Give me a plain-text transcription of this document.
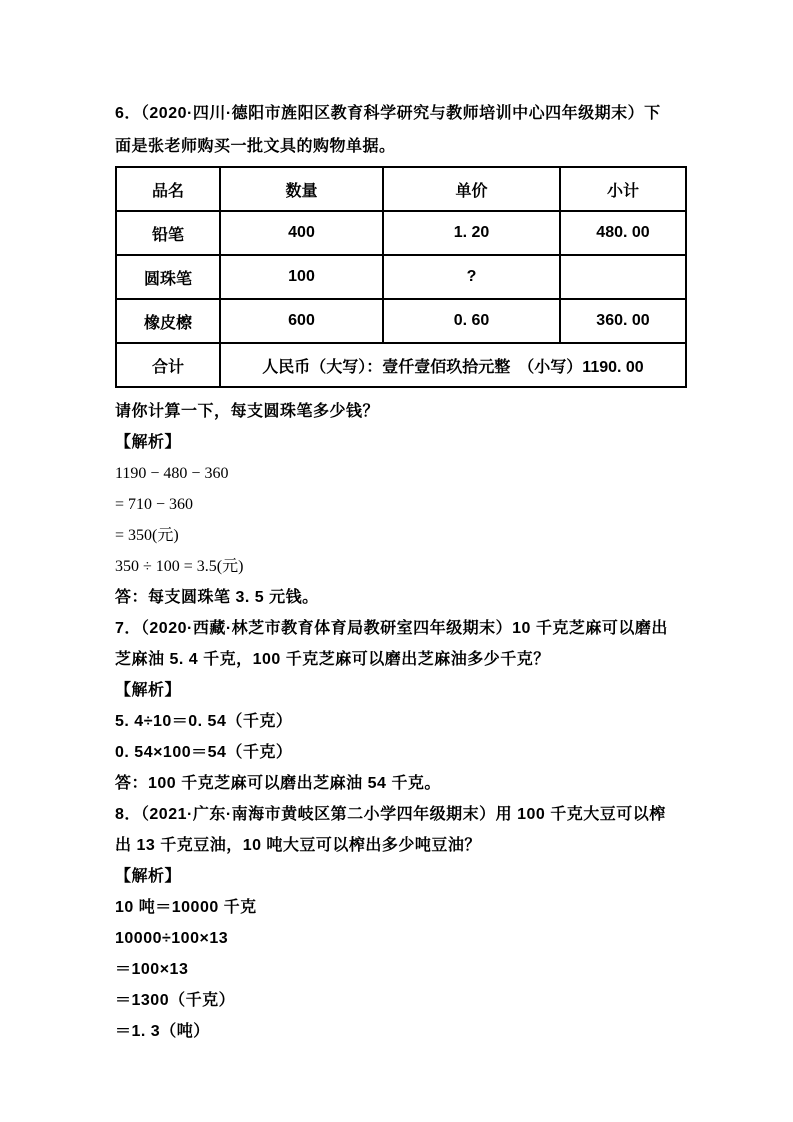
6．（2020·四川·德阳市旌阳区教育科学研究与教师培训中心四年级期末）下

面是张老师购买一批文具的购物单据。

品名	数量	单价	小计
铅笔	400	1. 20	480. 00
圆珠笔	100	?	
橡皮檫	600	0. 60	360. 00
合计	人民币（大写）：壹仟壹佰玖拾元整　（小写）1190. 00		

请你计算一下，每支圆珠笔多少钱？

【解析】

1190 − 480 − 360

= 710 − 360

= 350(元)

350 ÷ 100 = 3.5(元)

答：每支圆珠笔 3. 5 元钱。

7．（2020·西藏·林芝市教育体育局教研室四年级期末）10 千克芝麻可以磨出

芝麻油 5. 4 千克，100 千克芝麻可以磨出芝麻油多少千克？

【解析】

5. 4÷10＝0. 54（千克）

0. 54×100＝54（千克）

答：100 千克芝麻可以磨出芝麻油 54 千克。

8．（2021·广东·南海市黄岐区第二小学四年级期末）用 100 千克大豆可以榨

出 13 千克豆油，10 吨大豆可以榨出多少吨豆油？

【解析】

10 吨＝10000 千克

10000÷100×13

＝100×13

＝1300（千克）

＝1. 3（吨）
